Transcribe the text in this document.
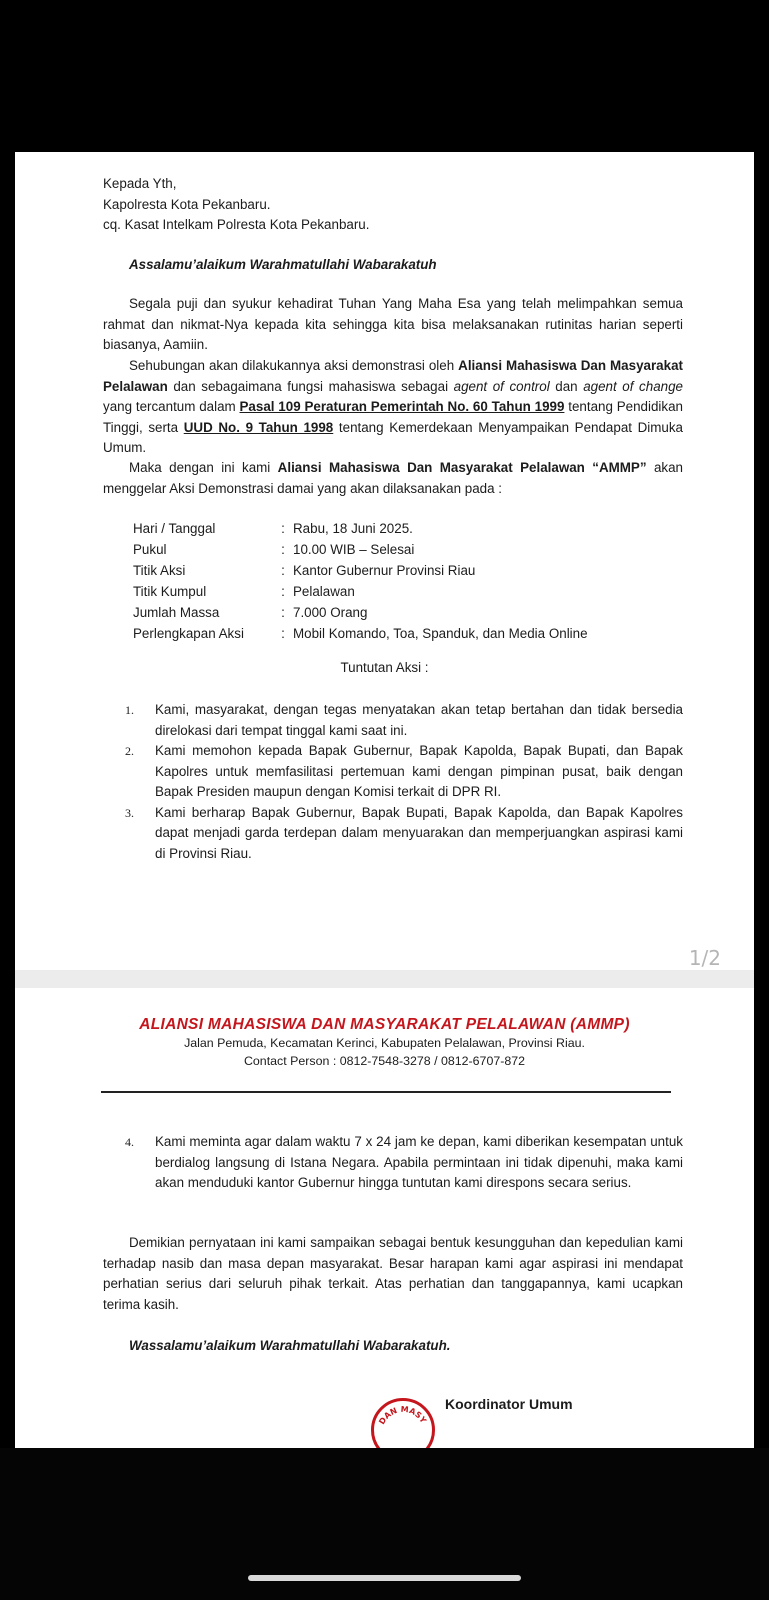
Kepada Yth,
Kapolresta Kota Pekanbaru.
cq. Kasat Intelkam Polresta Kota Pekanbaru.
Assalamu’alaikum Warahmatullahi Wabarakatuh
Segala puji dan syukur kehadirat Tuhan Yang Maha Esa yang telah melimpahkan semua rahmat dan nikmat-Nya kepada kita sehingga kita bisa melaksanakan rutinitas harian seperti biasanya, Aamiin.
Sehubungan akan dilakukannya aksi demonstrasi oleh Aliansi Mahasiswa Dan Masyarakat Pelalawan dan sebagaimana fungsi mahasiswa sebagai agent of control dan agent of change yang tercantum dalam Pasal 109 Peraturan Pemerintah No. 60 Tahun 1999 tentang Pendidikan Tinggi, serta UUD No. 9 Tahun 1998 tentang Kemerdekaan Menyampaikan Pendapat Dimuka Umum.
Maka dengan ini kami Aliansi Mahasiswa Dan Masyarakat Pelalawan “AMMP” akan menggelar Aksi Demonstrasi damai yang akan dilaksanakan pada :
Hari / Tanggal	:	Rabu, 18 Juni 2025.
Pukul	:	10.00 WIB – Selesai
Titik Aksi	:	Kantor Gubernur Provinsi Riau
Titik Kumpul	:	Pelalawan
Jumlah Massa	:	7.000 Orang
Perlengkapan Aksi	:	Mobil Komando, Toa, Spanduk, dan Media Online
Tuntutan Aksi :
1. Kami, masyarakat, dengan tegas menyatakan akan tetap bertahan dan tidak bersedia direlokasi dari tempat tinggal kami saat ini.
2. Kami memohon kepada Bapak Gubernur, Bapak Kapolda, Bapak Bupati, dan Bapak Kapolres untuk memfasilitasi pertemuan kami dengan pimpinan pusat, baik dengan Bapak Presiden maupun dengan Komisi terkait di DPR RI.
3. Kami berharap Bapak Gubernur, Bapak Bupati, Bapak Kapolda, dan Bapak Kapolres dapat menjadi garda terdepan dalam menyuarakan dan memperjuangkan aspirasi kami di Provinsi Riau.
1/2
ALIANSI MAHASISWA DAN MASYARAKAT PELALAWAN (AMMP)
Jalan Pemuda, Kecamatan Kerinci, Kabupaten Pelalawan, Provinsi Riau.
Contact Person : 0812-7548-3278 / 0812-6707-872
4. Kami meminta agar dalam waktu 7 x 24 jam ke depan, kami diberikan kesempatan untuk berdialog langsung di Istana Negara. Apabila permintaan ini tidak dipenuhi, maka kami akan menduduki kantor Gubernur hingga tuntutan kami direspons secara serius.
Demikian pernyataan ini kami sampaikan sebagai bentuk kesungguhan dan kepedulian kami terhadap nasib dan masa depan masyarakat. Besar harapan kami agar aspirasi ini mendapat perhatian serius dari seluruh pihak terkait. Atas perhatian dan tanggapannya, kami ucapkan terima kasih.
Wassalamu’alaikum Warahmatullahi Wabarakatuh.
DAN MASY
Koordinator Umum
